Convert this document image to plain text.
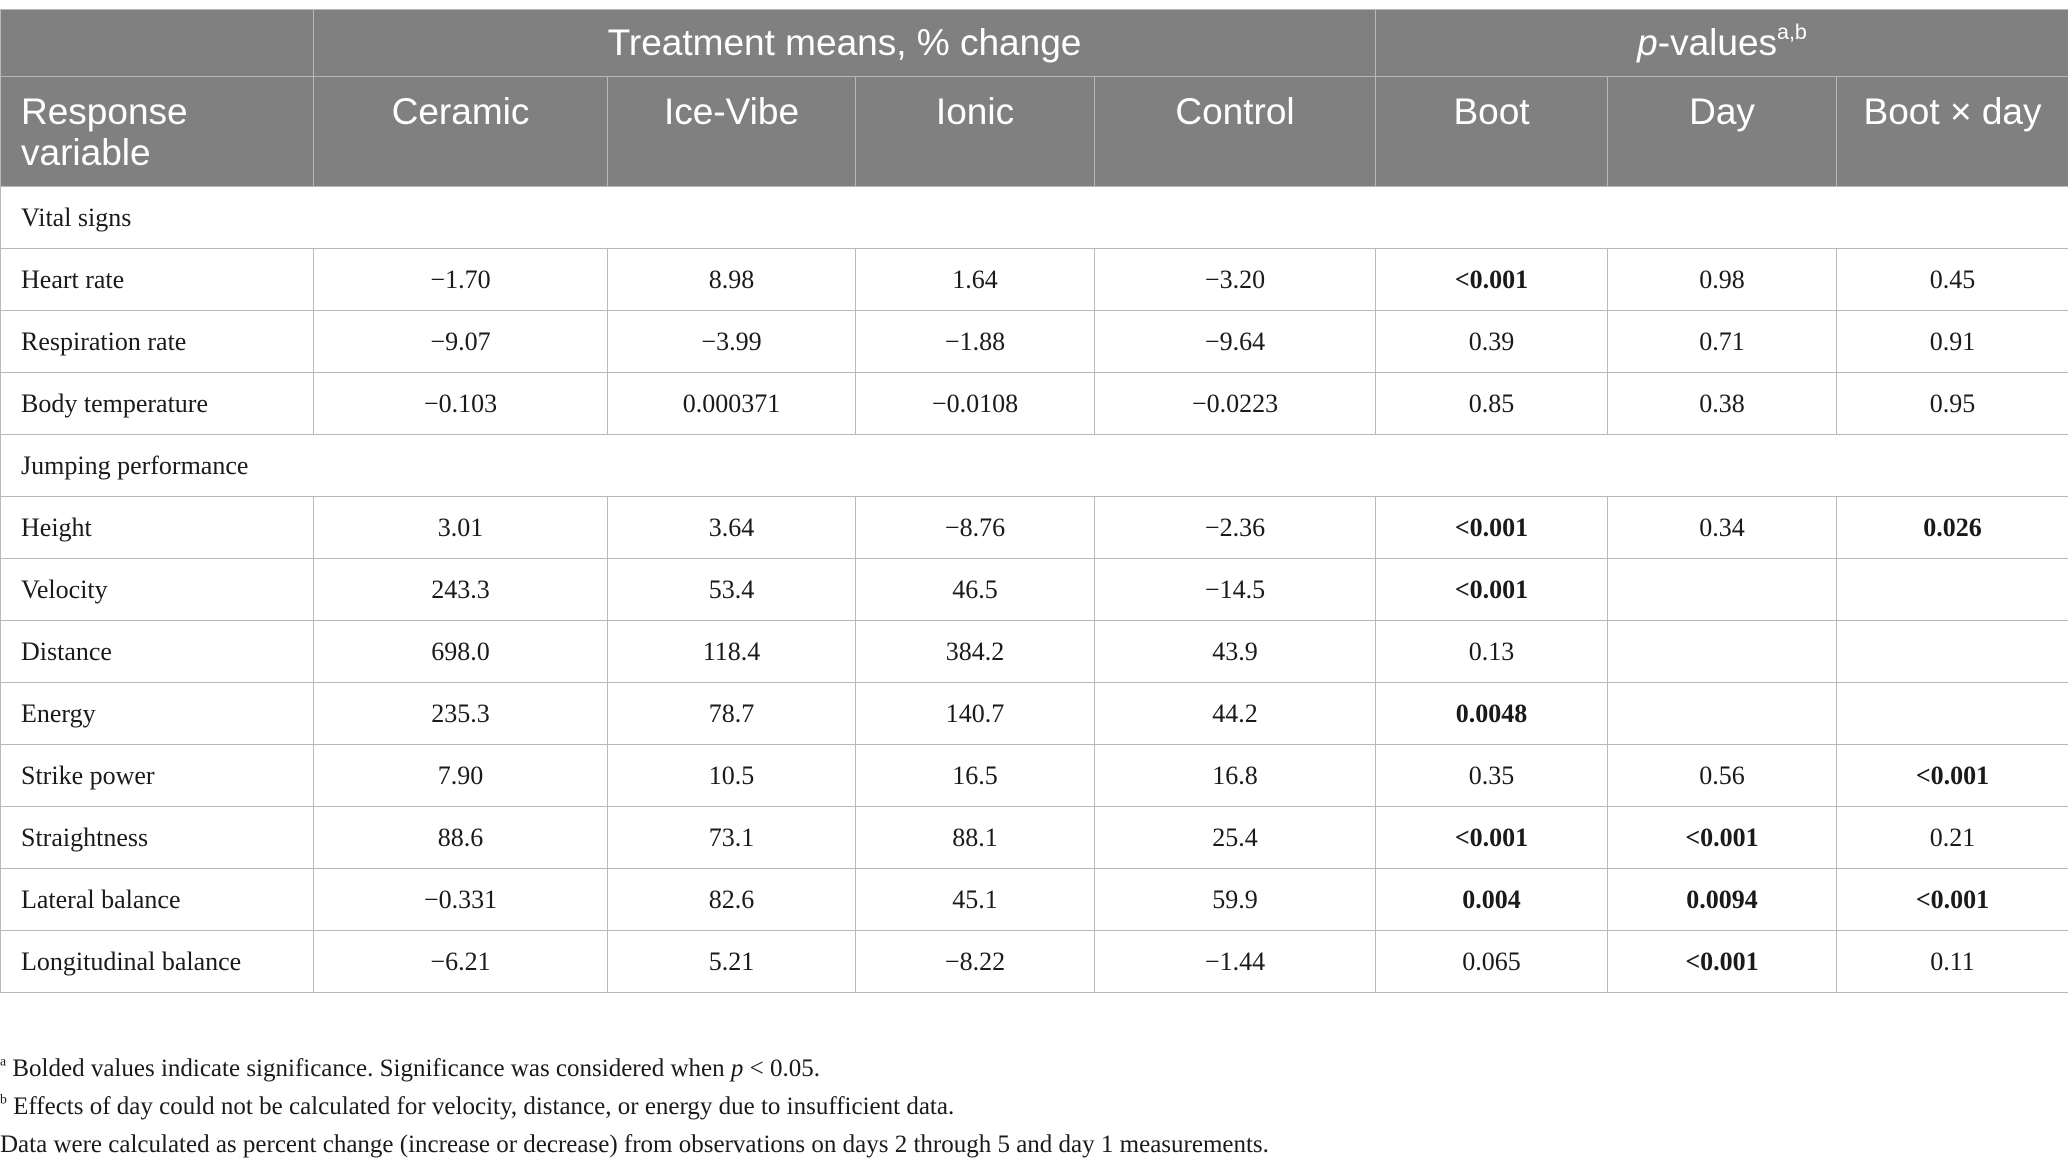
	Treatment means, % change				p-values$^{a,b}$
Response variable	Ceramic	Ice-Vibe	Ionic	Control	Boot	Day	Boot × day
Vital signs							
Heart rate	−1.70	8.98	1.64	−3.20	<0.001	0.98	0.45
Respiration rate	−9.07	−3.99	−1.88	−9.64	0.39	0.71	0.91
Body temperature	−0.103	0.000371	−0.0108	−0.0223	0.85	0.38	0.95
Jumping performance							
Height	3.01	3.64	−8.76	−2.36	<0.001	0.34	0.026
Velocity	243.3	53.4	46.5	−14.5	<0.001		
Distance	698.0	118.4	384.2	43.9	0.13		
Energy	235.3	78.7	140.7	44.2	0.0048		
Strike power	7.90	10.5	16.5	16.8	0.35	0.56	<0.001
Straightness	88.6	73.1	88.1	25.4	<0.001	<0.001	0.21
Lateral balance	−0.331	82.6	45.1	59.9	0.004	0.0094	<0.001
Longitudinal balance	−6.21	5.21	−8.22	−1.44	0.065	<0.001	0.11
$^a$ Bolded values indicate significance. Significance was considered when p < 0.05.
$^b$ Effects of day could not be calculated for velocity, distance, or energy due to insufficient data.
Data were calculated as percent change (increase or decrease) from observations on days 2 through 5 and day 1 measurements.
